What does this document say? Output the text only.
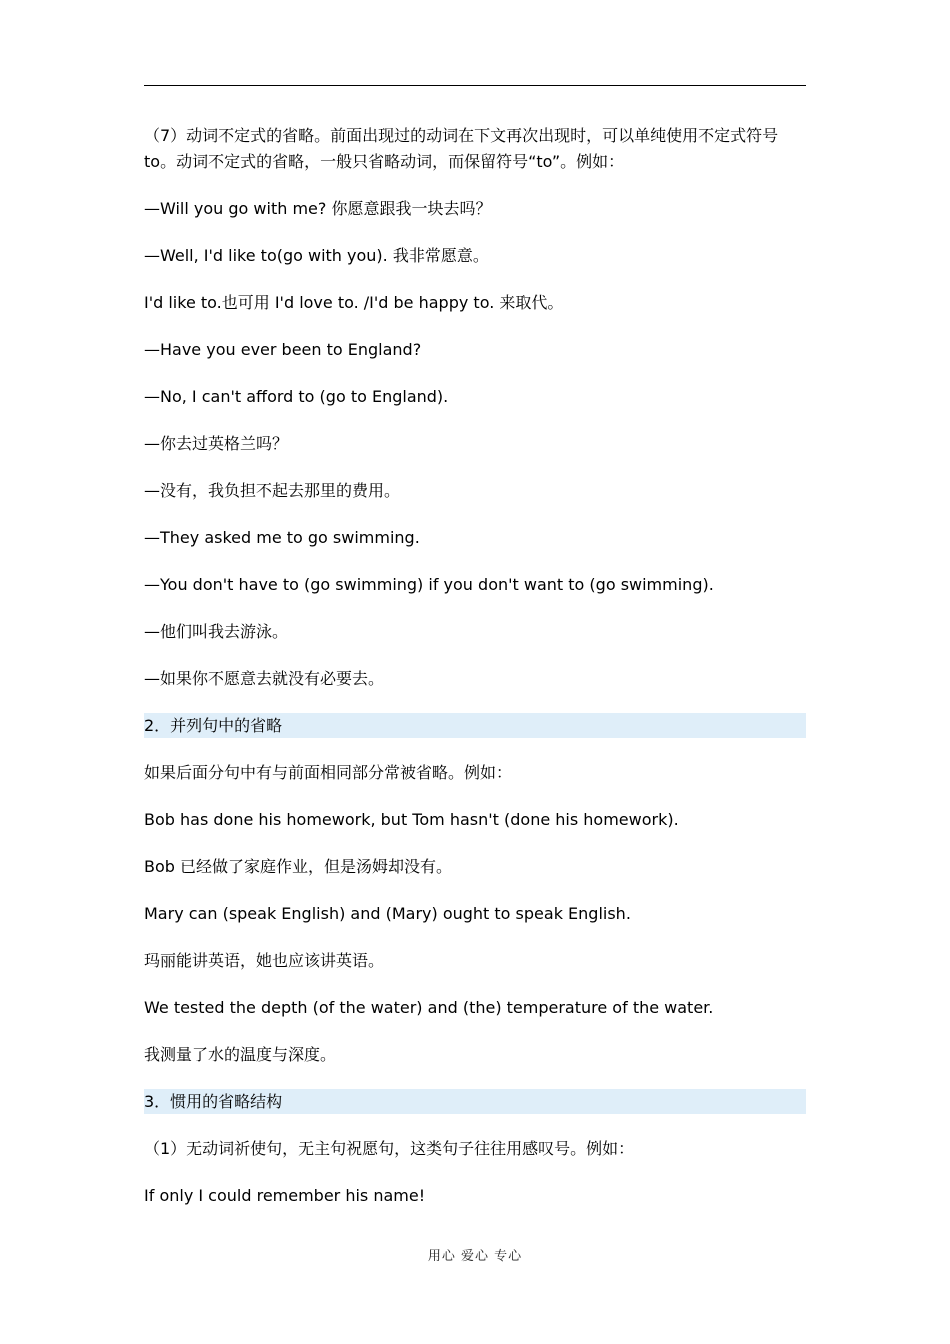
（7）动词不定式的省略。前面出现过的动词在下文再次出现时，可以单纯使用不定式符号 to。动词不定式的省略，一般只省略动词，而保留符号“to”。例如：

—Will you go with me? 你愿意跟我一块去吗？

—Well, I'd like to(go with you). 我非常愿意。

I'd like to.也可用 I'd love to. /I'd be happy to. 来取代。

—Have you ever been to England?

—No, I can't afford to (go to England).

—你去过英格兰吗？

—没有，我负担不起去那里的费用。

—They asked me to go swimming.

—You don't have to (go swimming) if you don't want to (go swimming).

—他们叫我去游泳。

—如果你不愿意去就没有必要去。

2．并列句中的省略

如果后面分句中有与前面相同部分常被省略。例如：

Bob has done his homework, but Tom hasn't (done his homework).

Bob 已经做了家庭作业，但是汤姆却没有。

Mary can (speak English) and (Mary) ought to speak English.

玛丽能讲英语，她也应该讲英语。

We tested the depth (of the water) and (the) temperature of the water.

我测量了水的温度与深度。

3．惯用的省略结构

（1）无动词祈使句，无主句祝愿句，这类句子往往用感叹号。例如：

If only I could remember his name!

用心 爱心 专心
